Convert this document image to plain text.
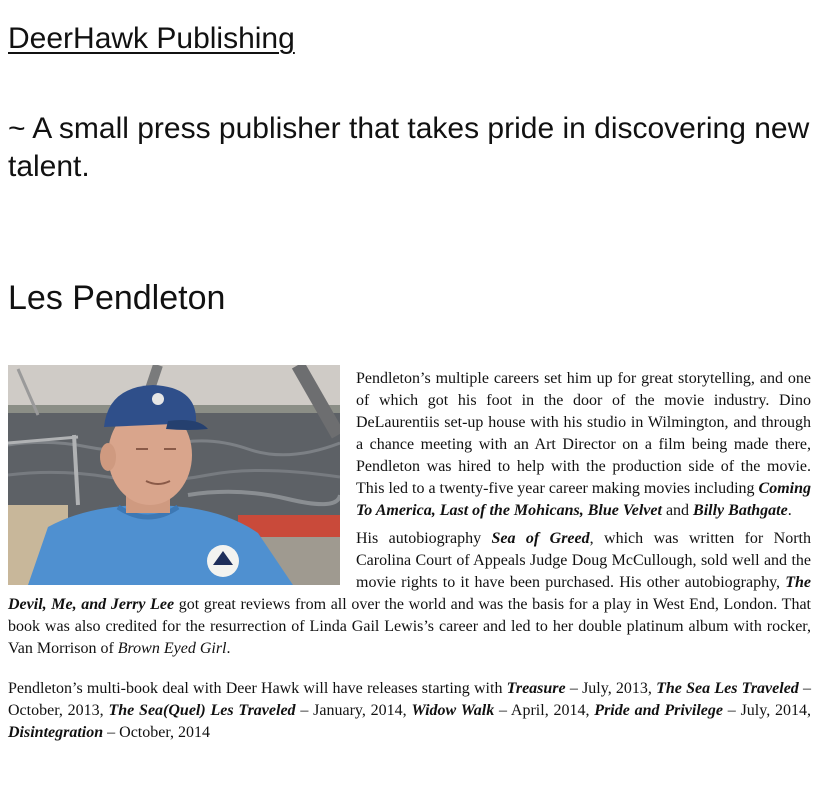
DeerHawk Publishing

~ A small press publisher that takes pride in discovering new talent.

Les Pendleton

Pendleton’s multiple careers set him up for great storytelling, and one of which got his foot in the door of the movie industry. Dino DeLaurentiis set-up house with his studio in Wilmington, and through a chance meeting with an Art Director on a film being made there, Pendleton was hired to help with the production side of the movie. This led to a twenty-five year career making movies including Coming To America, Last of the Mohicans, Blue Velvet and Billy Bathgate.

His autobiography Sea of Greed, which was written for North Carolina Court of Appeals Judge Doug McCullough, sold well and the movie rights to it have been purchased. His other autobiography, The Devil, Me, and Jerry Lee got great reviews from all over the world and was the basis for a play in West End, London. That book was also credited for the resurrection of Linda Gail Lewis’s career and led to her double platinum album with rocker, Van Morrison of Brown Eyed Girl.

Pendleton’s multi-book deal with Deer Hawk will have releases starting with Treasure – July, 2013, The Sea Les Traveled – October, 2013, The Sea(Quel) Les Traveled – January, 2014, Widow Walk – April, 2014, Pride and Privilege – July, 2014, Disintegration – October, 2014
